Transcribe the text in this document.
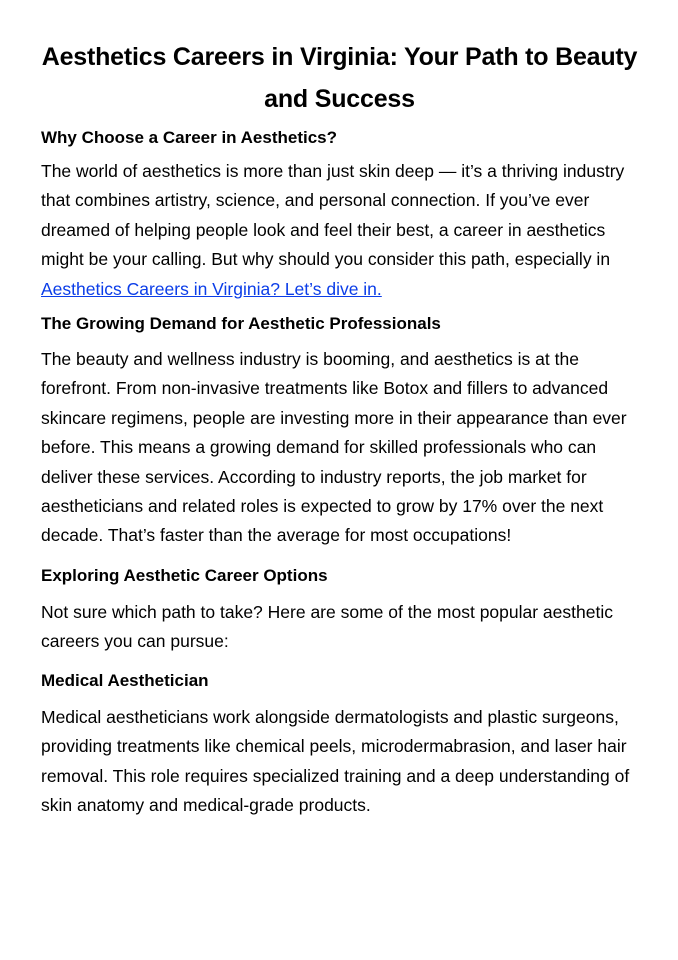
Aesthetics Careers in Virginia: Your Path to Beauty and Success
Why Choose a Career in Aesthetics?

The world of aesthetics is more than just skin deep — it’s a thriving industry that combines artistry, science, and personal connection. If you’ve ever dreamed of helping people look and feel their best, a career in aesthetics might be your calling. But why should you consider this path, especially in Aesthetics Careers in Virginia? Let’s dive in.

The Growing Demand for Aesthetic Professionals

The beauty and wellness industry is booming, and aesthetics is at the forefront. From non-invasive treatments like Botox and fillers to advanced skincare regimens, people are investing more in their appearance than ever before. This means a growing demand for skilled professionals who can deliver these services. According to industry reports, the job market for aestheticians and related roles is expected to grow by 17% over the next decade. That’s faster than the average for most occupations!

Exploring Aesthetic Career Options

Not sure which path to take? Here are some of the most popular aesthetic careers you can pursue:

Medical Aesthetician

Medical aestheticians work alongside dermatologists and plastic surgeons, providing treatments like chemical peels, microdermabrasion, and laser hair removal. This role requires specialized training and a deep understanding of skin anatomy and medical-grade products.
